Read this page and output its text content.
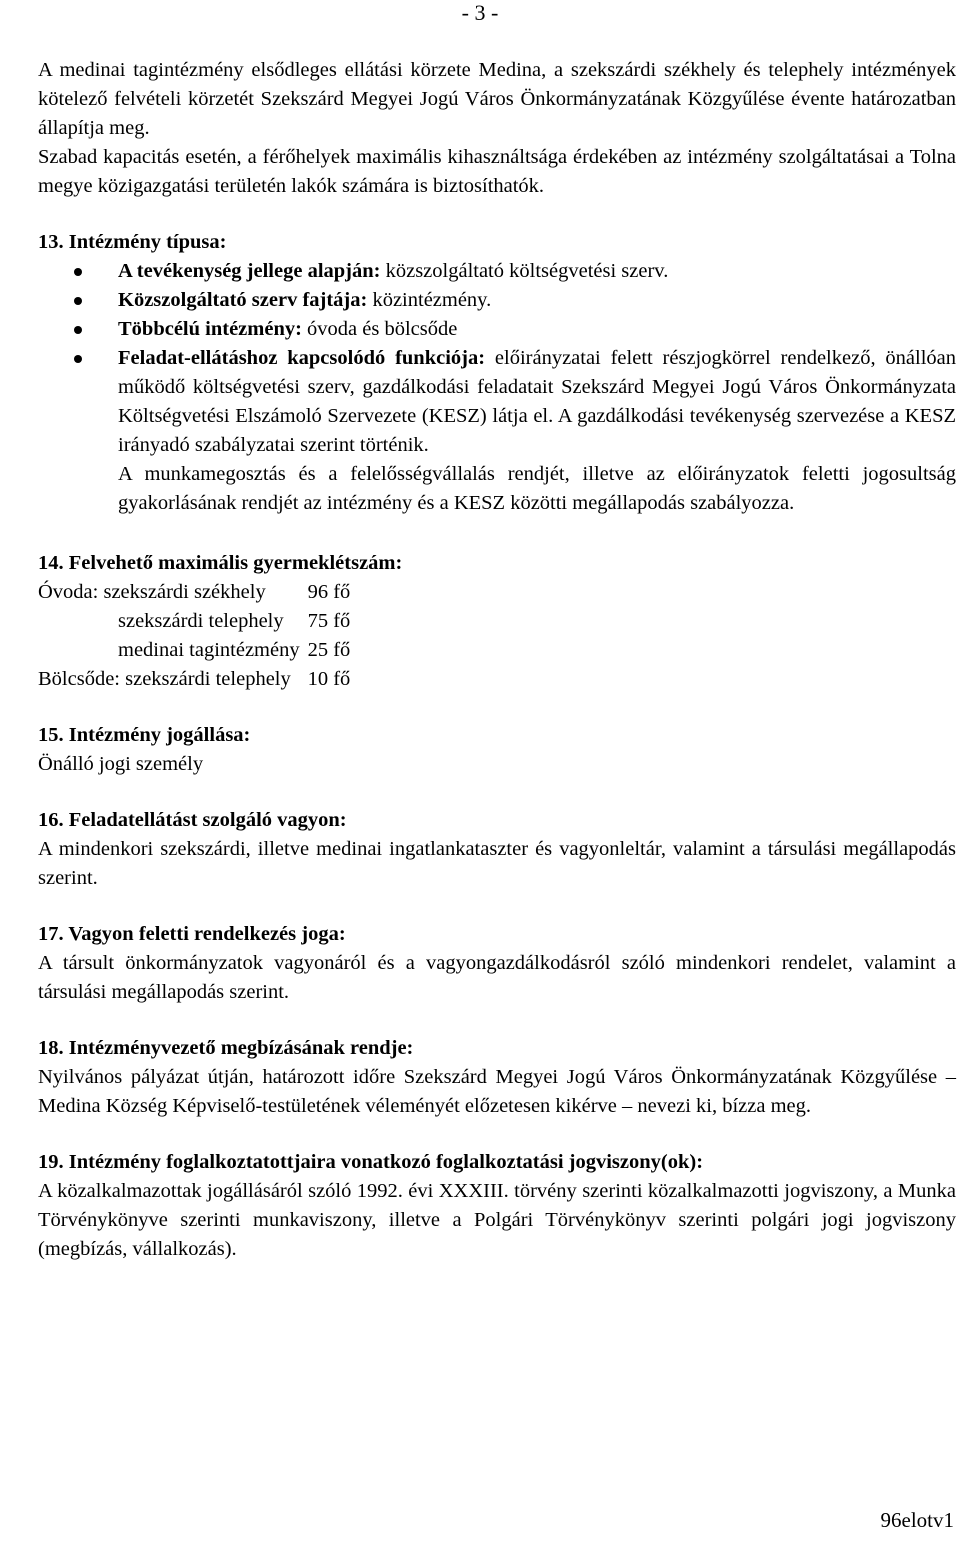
- 3 -

A medinai tagintézmény elsődleges ellátási körzete Medina, a szekszárdi székhely és telephely intézmények kötelező felvételi körzetét Szekszárd Megyei Jogú Város Önkormányzatának Közgyűlése évente határozatban állapítja meg.

Szabad kapacitás esetén, a férőhelyek maximális kihasználtsága érdekében az intézmény szolgáltatásai a Tolna megye közigazgatási területén lakók számára is biztosíthatók.

13. Intézmény típusa:

A tevékenység jellege alapján: közszolgáltató költségvetési szerv.
Közszolgáltató szerv fajtája: közintézmény.
Többcélú intézmény: óvoda és bölcsőde
Feladat-ellátáshoz kapcsolódó funkciója: előirányzatai felett részjogkörrel rendelkező, önállóan működő költségvetési szerv, gazdálkodási feladatait Szekszárd Megyei Jogú Város Önkormányzata Költségvetési Elszámoló Szervezete (KESZ) látja el. A gazdálkodási tevékenység szervezése a KESZ irányadó szabályzatai szerint történik.

A munkamegosztás és a felelősségvállalás rendjét, illetve az előirányzatok feletti jogosultság gyakorlásának rendjét az intézmény és a KESZ közötti megállapodás szabályozza.

14. Felvehető maximális gyermeklétszám:

Óvoda: szekszárdi székhely	96 fő
szekszárdi telephely	75 fő
medinai tagintézmény	25 fő
Bölcsőde: szekszárdi telephely	10 fő

15. Intézmény jogállása:

Önálló jogi személy

16. Feladatellátást szolgáló vagyon:

A mindenkori szekszárdi, illetve medinai ingatlankataszter és vagyonleltár, valamint a társulási megállapodás szerint.

17. Vagyon feletti rendelkezés joga:

A társult önkormányzatok vagyonáról és a vagyongazdálkodásról szóló mindenkori rendelet, valamint a társulási megállapodás szerint.

18. Intézményvezető megbízásának rendje:

Nyilvános pályázat útján, határozott időre Szekszárd Megyei Jogú Város Önkormányzatának Közgyűlése – Medina Község Képviselő-testületének véleményét előzetesen kikérve – nevezi ki, bízza meg.

19. Intézmény foglalkoztatottjaira vonatkozó foglalkoztatási jogviszony(ok):

A közalkalmazottak jogállásáról szóló 1992. évi XXXIII. törvény szerinti közalkalmazotti jogviszony, a Munka Törvénykönyve szerinti munkaviszony, illetve a Polgári Törvénykönyv szerinti polgári jogi jogviszony (megbízás, vállalkozás).

96elotv1
